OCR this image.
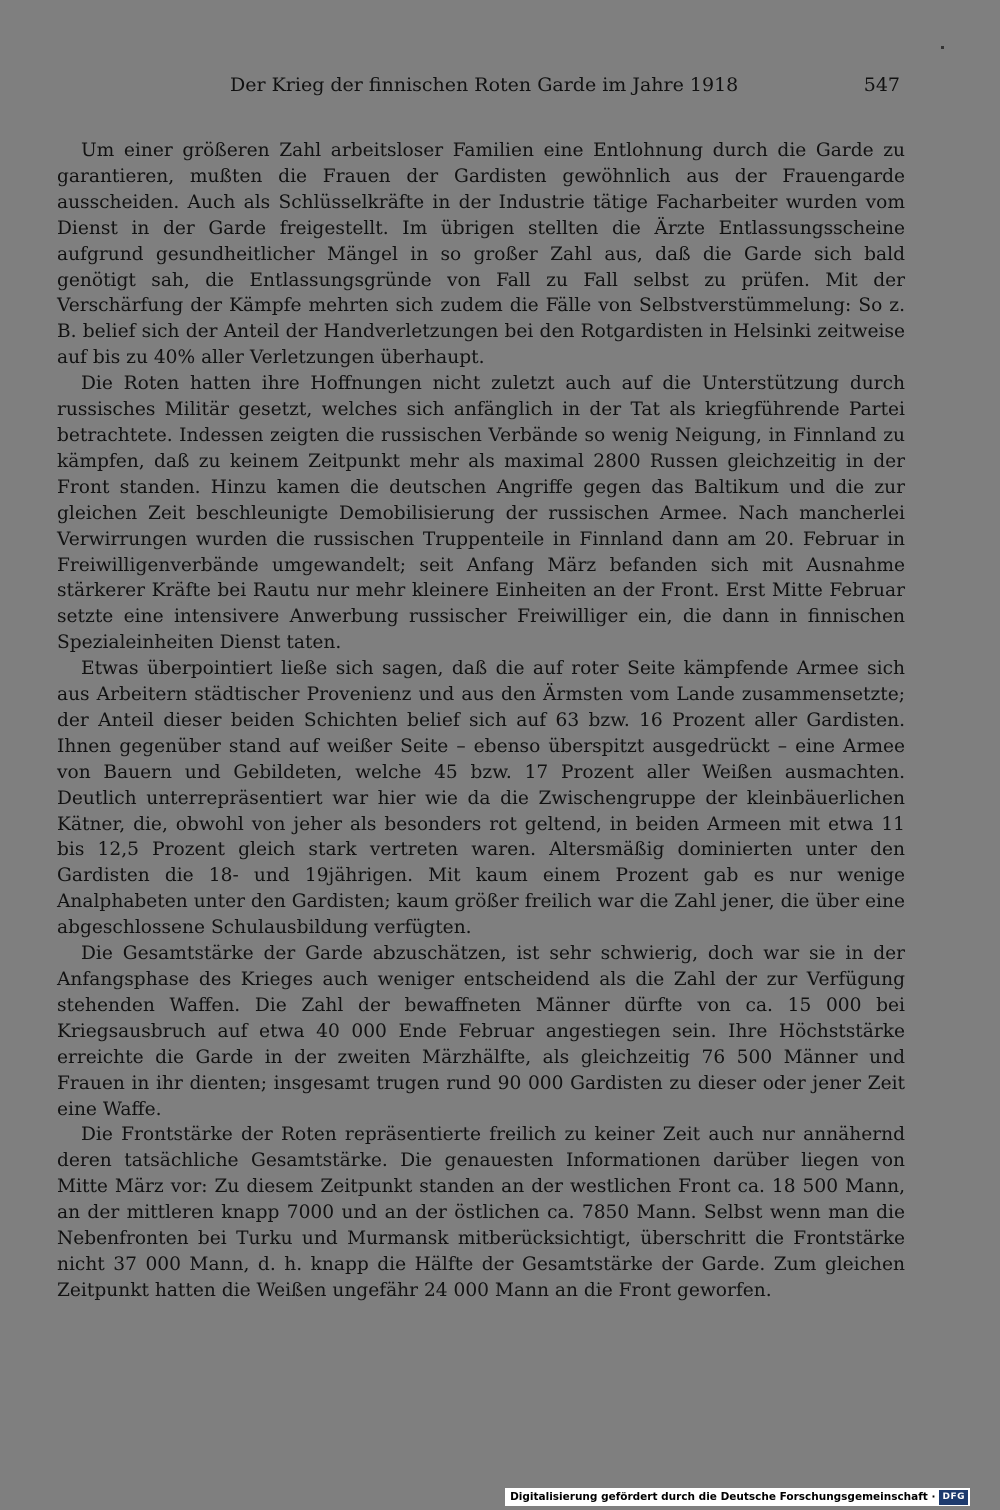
Der Krieg der finnischen Roten Garde im Jahre 1918	547

Um einer größeren Zahl arbeitsloser Familien eine Entlohnung durch die Garde zu garantieren, mußten die Frauen der Gardisten gewöhnlich aus der Frauengarde ausscheiden. Auch als Schlüsselkräfte in der Industrie tätige Facharbeiter wurden vom Dienst in der Garde freigestellt. Im übrigen stellten die Ärzte Entlassungsscheine aufgrund gesundheitlicher Mängel in so großer Zahl aus, daß die Garde sich bald genötigt sah, die Entlassungsgründe von Fall zu Fall selbst zu prüfen. Mit der Verschärfung der Kämpfe mehrten sich zudem die Fälle von Selbstverstümmelung: So z. B. belief sich der Anteil der Handverletzungen bei den Rotgardisten in Helsinki zeitweise auf bis zu 40% aller Verletzungen überhaupt.

Die Roten hatten ihre Hoffnungen nicht zuletzt auch auf die Unterstützung durch russisches Militär gesetzt, welches sich anfänglich in der Tat als kriegführende Partei betrachtete. Indessen zeigten die russischen Verbände so wenig Neigung, in Finnland zu kämpfen, daß zu keinem Zeitpunkt mehr als maximal 2800 Russen gleichzeitig in der Front standen. Hinzu kamen die deutschen Angriffe gegen das Baltikum und die zur gleichen Zeit beschleunigte Demobilisierung der russischen Armee. Nach mancherlei Verwirrungen wurden die russischen Truppenteile in Finnland dann am 20. Februar in Freiwilligenverbände umgewandelt; seit Anfang März befanden sich mit Ausnahme stärkerer Kräfte bei Rautu nur mehr kleinere Einheiten an der Front. Erst Mitte Februar setzte eine intensivere Anwerbung russischer Freiwilliger ein, die dann in finnischen Spezialeinheiten Dienst taten.

Etwas überpointiert ließe sich sagen, daß die auf roter Seite kämpfende Armee sich aus Arbeitern städtischer Provenienz und aus den Ärmsten vom Lande zusammensetzte; der Anteil dieser beiden Schichten belief sich auf 63 bzw. 16 Prozent aller Gardisten. Ihnen gegenüber stand auf weißer Seite – ebenso überspitzt ausgedrückt – eine Armee von Bauern und Gebildeten, welche 45 bzw. 17 Prozent aller Weißen ausmachten. Deutlich unterrepräsentiert war hier wie da die Zwischengruppe der kleinbäuerlichen Kätner, die, obwohl von jeher als besonders rot geltend, in beiden Armeen mit etwa 11 bis 12,5 Prozent gleich stark vertreten waren. Altersmäßig dominierten unter den Gardisten die 18- und 19jährigen. Mit kaum einem Prozent gab es nur wenige Analphabeten unter den Gardisten; kaum größer freilich war die Zahl jener, die über eine abgeschlossene Schulausbildung verfügten.

Die Gesamtstärke der Garde abzuschätzen, ist sehr schwierig, doch war sie in der Anfangsphase des Krieges auch weniger entscheidend als die Zahl der zur Verfügung stehenden Waffen. Die Zahl der bewaffneten Männer dürfte von ca. 15 000 bei Kriegsausbruch auf etwa 40 000 Ende Februar angestiegen sein. Ihre Höchststärke erreichte die Garde in der zweiten Märzhälfte, als gleichzeitig 76 500 Männer und Frauen in ihr dienten; insgesamt trugen rund 90 000 Gardisten zu dieser oder jener Zeit eine Waffe.

Die Frontstärke der Roten repräsentierte freilich zu keiner Zeit auch nur annähernd deren tatsächliche Gesamtstärke. Die genauesten Informationen darüber liegen von Mitte März vor: Zu diesem Zeitpunkt standen an der westlichen Front ca. 18 500 Mann, an der mittleren knapp 7000 und an der östlichen ca. 7850 Mann. Selbst wenn man die Nebenfronten bei Turku und Murmansk mitberücksichtigt, überschritt die Frontstärke nicht 37 000 Mann, d. h. knapp die Hälfte der Gesamtstärke der Garde. Zum gleichen Zeitpunkt hatten die Weißen ungefähr 24 000 Mann an die Front geworfen.

Digitalisierung gefördert durch die Deutsche Forschungsgemeinschaft · DFG
